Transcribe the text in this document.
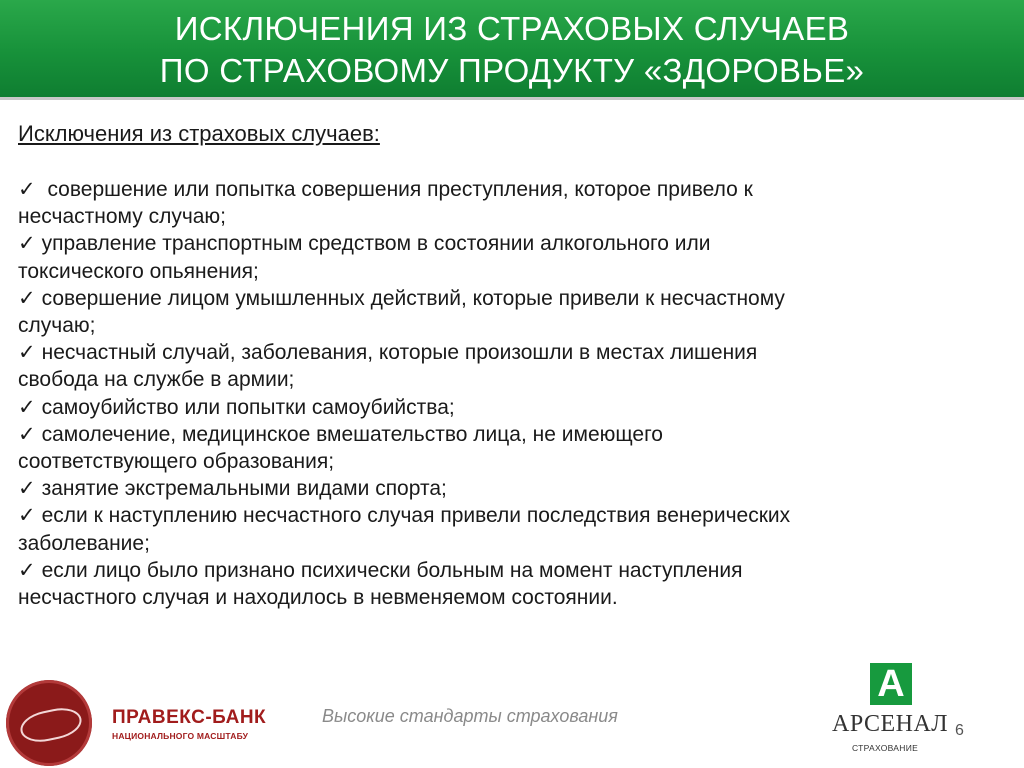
ИСКЛЮЧЕНИЯ ИЗ СТРАХОВЫХ СЛУЧАЕВ
ПО СТРАХОВОМУ ПРОДУКТУ «ЗДОРОВЬЕ»
Исключения из страховых случаев:
✓ совершение или попытка совершения преступления, которое привело к
несчастному случаю;
✓ управление транспортным средством в состоянии алкогольного или
токсического опьянения;
✓ совершение лицом умышленных действий, которые привели к несчастному
случаю;
✓ несчастный случай, заболевания, которые произошли в местах лишения
свобода на службе в армии;
✓ самоубийство или попытки самоубийства;
✓ самолечение, медицинское вмешательство лица, не имеющего
соответствующего образования;
✓ занятие экстремальными видами спорта;
✓ если к наступлению несчастного случая привели последствия венерических
заболевание;
✓ если лицо было признано психически больным на момент наступления
несчастного случая и находилось в невменяемом состоянии.
ПРАВЕКС-БАНК
НАЦИОНАЛЬНОГО МАСШТАБУ
Высокие стандарты страхования
А
АРСЕНАЛ
СТРАХОВАНИЕ
6
